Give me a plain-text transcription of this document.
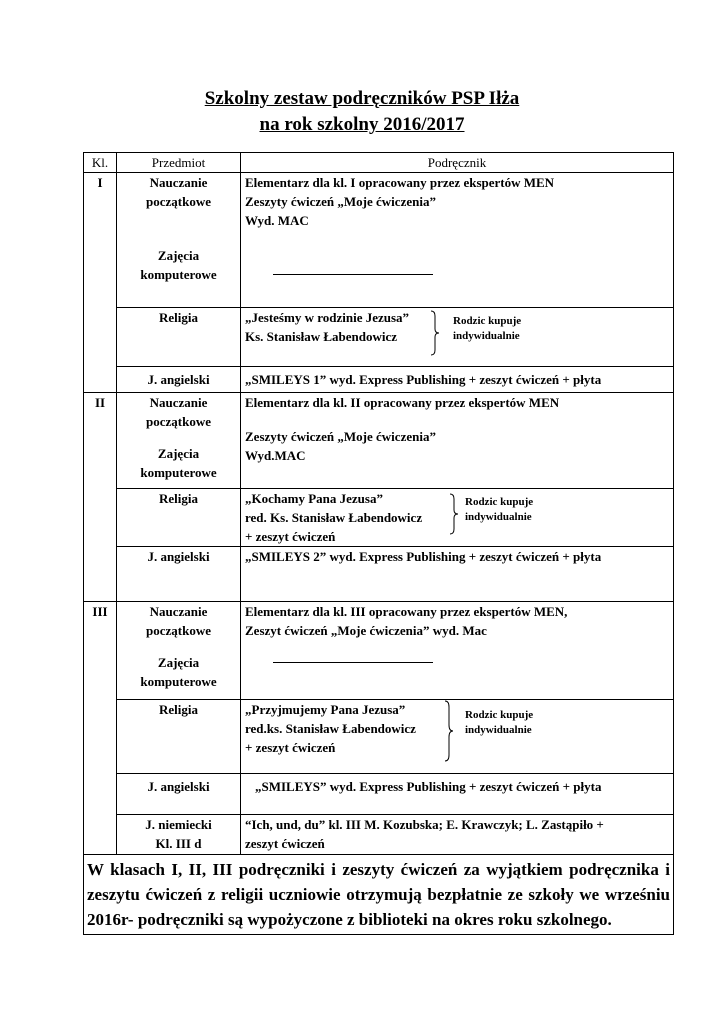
Szkolny zestaw podręczników PSP Iłża
na rok szkolny 2016/2017
Kl.	Przedmiot	Podręcznik
I	Nauczanie
początkowe
Zajęcia
komputerowe	Elementarz dla kl. I opracowany przez ekspertów MEN
Zeszyty ćwiczeń „Moje ćwiczenia”
Wyd. MAC

	Religia	„Jesteśmy w rodzinie Jezusa”
Ks. Stanisław Łabendowicz
Rodzic kupuje
indywidualnie

	J. angielski	„SMILEYS 1” wyd. Express Publishing + zeszyt ćwiczeń + płyta
II	Nauczanie
początkowe
Zajęcia
komputerowe	Elementarz dla kl. II opracowany przez ekspertów MEN
Zeszyty ćwiczeń „Moje ćwiczenia”
Wyd.MAC

	Religia	„Kochamy Pana Jezusa”
red. Ks. Stanisław Łabendowicz
+ zeszyt ćwiczeń
Rodzic kupuje
indywidualnie

	J. angielski	„SMILEYS 2” wyd. Express Publishing + zeszyt ćwiczeń + płyta
III	Nauczanie
początkowe
Zajęcia
komputerowe	Elementarz dla kl. III opracowany przez ekspertów MEN,
Zeszyt ćwiczeń „Moje ćwiczenia” wyd. Mac

	Religia	„Przyjmujemy Pana Jezusa”
red.ks. Stanisław Łabendowicz
+ zeszyt ćwiczeń
Rodzic kupuje
indywidualnie

	J. angielski	„SMILEYS” wyd. Express Publishing + zeszyt ćwiczeń + płyta

	J. niemiecki
Kl. III d	“Ich, und, du” kl. III M. Kozubska; E. Krawczyk; L. Zastąpiło +
zeszyt ćwiczeń

W klasach I, II, III podręczniki i zeszyty ćwiczeń za wyjątkiem podręcznika i zeszytu ćwiczeń z religii uczniowie otrzymują bezpłatnie ze szkoły we wrześniu 2016r- podręczniki są wypożyczone z biblioteki na okres roku szkolnego.		
